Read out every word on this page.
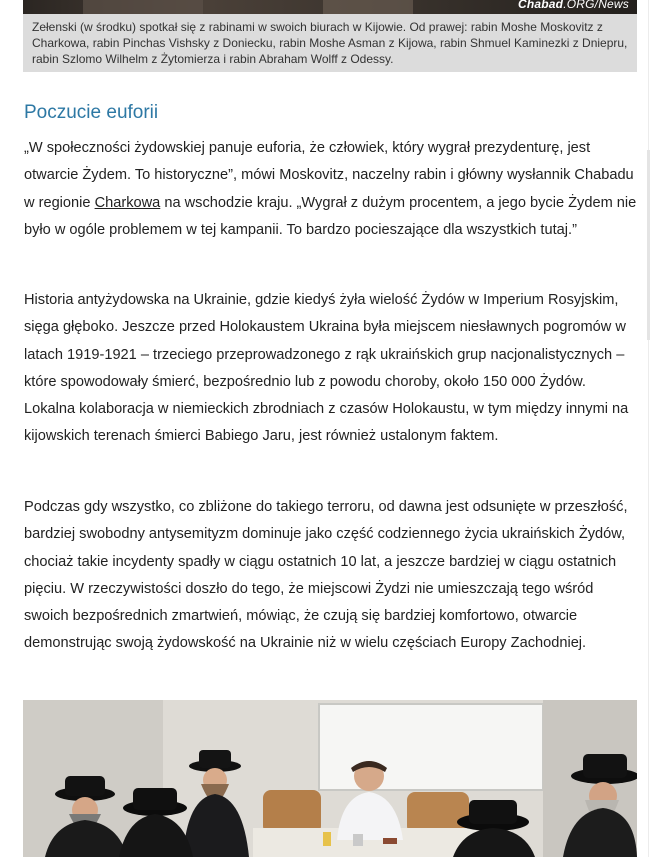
Chabad.ORG/News
Zełenski (w środku) spotkał się z rabinami w swoich biurach w Kijowie. Od prawej: rabin Moshe Moskovitz z Charkowa, rabin Pinchas Vishsky z Doniecku, rabin Moshe Asman z Kijowa, rabin Shmuel Kaminezki z Dniepru, rabin Szlomo Wilhelm z Żytomierza i rabin Abraham Wolff z Odessy.
Poczucie euforii

„W społeczności żydowskiej panuje euforia, że człowiek, który wygrał prezydenturę, jest otwarcie Żydem. To historyczne”, mówi Moskovitz, naczelny rabin i główny wysłannik Chabadu w regionie Charkowa na wschodzie kraju. „Wygrał z dużym procentem, a jego bycie Żydem nie było w ogóle problemem w tej kampanii. To bardzo pocieszające dla wszystkich tutaj.”

Historia antyżydowska na Ukrainie, gdzie kiedyś żyła wielość Żydów w Imperium Rosyjskim, sięga głęboko. Jeszcze przed Holokaustem Ukraina była miejscem niesławnych pogromów w latach 1919-1921 – trzeciego przeprowadzonego z rąk ukraińskich grup nacjonalistycznych – które spowodowały śmierć, bezpośrednio lub z powodu choroby, około 150 000 Żydów. Lokalna kolaboracja w niemieckich zbrodniach z czasów Holokaustu, w tym między innymi na kijowskich terenach śmierci Babiego Jaru, jest również ustalonym faktem.

Podczas gdy wszystko, co zbliżone do takiego terroru, od dawna jest odsunięte w przeszłość, bardziej swobodny antysemityzm dominuje jako część codziennego życia ukraińskich Żydów, chociaż takie incydenty spadły w ciągu ostatnich 10 lat, a jeszcze bardziej w ciągu ostatnich pięciu. W rzeczywistości doszło do tego, że miejscowi Żydzi nie umieszczają tego wśród swoich bezpośrednich zmartwień, mówiąc, że czują się bardziej komfortowo, otwarcie demonstrując swoją żydowskość na Ukrainie niż w wielu częściach Europy Zachodniej.
